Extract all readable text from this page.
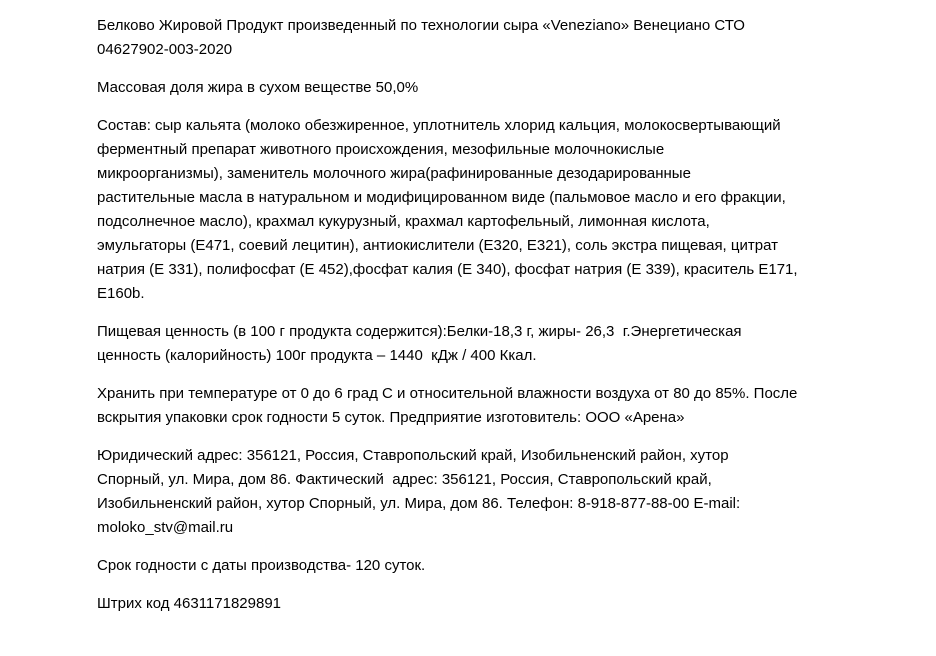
Белково Жировой Продукт произведенный по технологии сыра «Veneziano» Венециано СТО
04627902-003-2020
Массовая доля жира в сухом веществе 50,0%
Состав: сыр кальята (молоко обезжиренное, уплотнитель хлорид кальция, молокосвертывающий
ферментный препарат животного происхождения, мезофильные молочнокислые
микроорганизмы), заменитель молочного жира(рафинированные дезодарированные
растительные масла в натуральном и модифицированном виде (пальмовое масло и его фракции,
подсолнечное масло), крахмал кукурузный, крахмал картофельный, лимонная кислота,
эмульгаторы (Е471, соевий лецитин), антиокислители (Е320, Е321), соль экстра пищевая, цитрат
натрия (Е 331), полифосфат (Е 452),фосфат калия (Е 340), фосфат натрия (Е 339), краситель Е171,
Е160b.
Пищевая ценность (в 100 г продукта содержится):Белки-18,3 г, жиры- 26,3  г.Энергетическая
ценность (калорийность) 100г продукта – 1440  кДж / 400 Ккал.
Хранить при температуре от 0 до 6 град С и относительной влажности воздуха от 80 до 85%. После
вскрытия упаковки срок годности 5 суток. Предприятие изготовитель: ООО «Арена»
Юридический адрес: 356121, Россия, Ставропольский край, Изобильненский район, хутор
Спорный, ул. Мира, дом 86. Фактический  адрес: 356121, Россия, Ставропольский край,
Изобильненский район, хутор Спорный, ул. Мира, дом 86. Телефон: 8-918-877-88-00 E-mail:
moloko_stv@mail.ru
Срок годности с даты производства- 120 суток.
Штрих код 4631171829891
